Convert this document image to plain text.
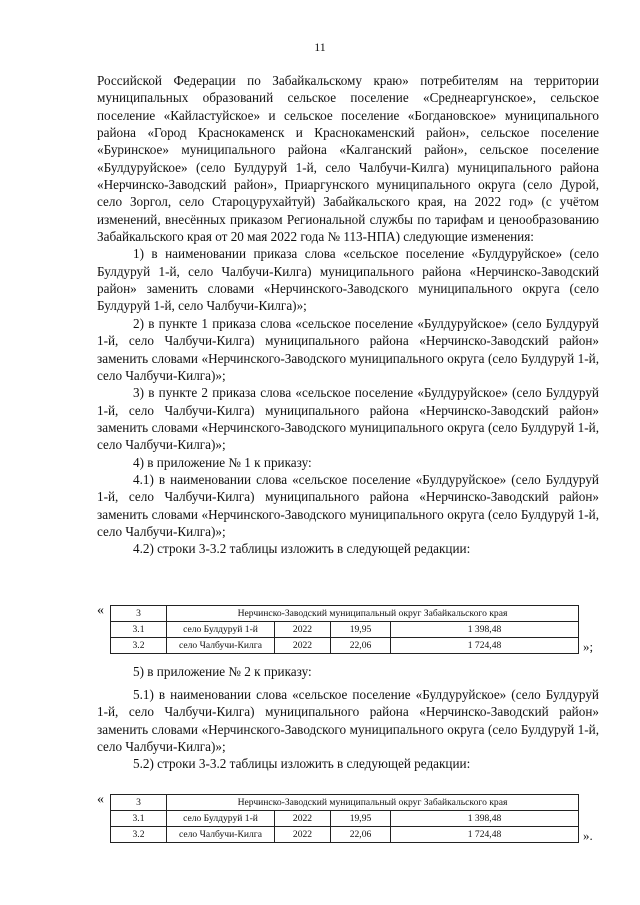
11

Российской Федерации по Забайкальскому краю» потребителям на территории муниципальных образований сельское поселение «Среднеаргунское», сельское поселение «Кайластуйское» и сельское поселение «Богдановское» муниципального района «Город Краснокаменск и Краснокаменский район», сельское поселение «Буринское» муниципального района «Калганский район», сельское поселение «Булдуруйское» (село Булдуруй 1-й, село Чалбучи-Килга) муниципального района «Нерчинско-Заводский район», Приаргунского муниципального округа (село Дурой, село Зоргол, село Староцурухайтуй) Забайкальского края, на 2022 год» (с учётом изменений, внесённых приказом Региональной службы по тарифам и ценообразованию Забайкальского края от 20 мая 2022 года № 113-НПА) следующие изменения:

1) в наименовании приказа слова «сельское поселение «Булдуруйское» (село Булдуруй 1-й, село Чалбучи-Килга) муниципального района «Нерчинско-Заводский район» заменить словами «Нерчинского-Заводского муниципального округа (село Булдуруй 1-й, село Чалбучи-Килга)»;

2) в пункте 1 приказа слова «сельское поселение «Булдуруйское» (село Булдуруй 1-й, село Чалбучи-Килга) муниципального района «Нерчинско-Заводский район» заменить словами «Нерчинского-Заводского муниципального округа (село Булдуруй 1-й, село Чалбучи-Килга)»;

3) в пункте 2 приказа слова «сельское поселение «Булдуруйское» (село Булдуруй 1-й, село Чалбучи-Килга) муниципального района «Нерчинско-Заводский район» заменить словами «Нерчинского-Заводского муниципального округа (село Булдуруй 1-й, село Чалбучи-Килга)»;

4) в приложение № 1 к приказу:

4.1) в наименовании слова «сельское поселение «Булдуруйское» (село Булдуруй 1-й, село Чалбучи-Килга) муниципального района «Нерчинско-Заводский район» заменить словами «Нерчинского-Заводского муниципального округа (село Булдуруй 1-й, село Чалбучи-Килга)»;

4.2) строки 3-3.2 таблицы изложить в следующей редакции:

«	3	Нерчинско-Заводский муниципальный округ Забайкальского края			
3.1	село Булдуруй 1-й	2022	19,95	1 398,48
3.2	село Чалбучи-Килга	2022	22,06	1 724,48	»;

5) в приложение № 2 к приказу:

5.1) в наименовании слова «сельское поселение «Булдуруйское» (село Булдуруй 1-й, село Чалбучи-Килга) муниципального района «Нерчинско-Заводский район» заменить словами «Нерчинского-Заводского муниципального округа (село Булдуруй 1-й, село Чалбучи-Килга)»;

5.2) строки 3-3.2 таблицы изложить в следующей редакции:

«	3	Нерчинско-Заводский муниципальный округ Забайкальского края			
3.1	село Булдуруй 1-й	2022	19,95	1 398,48
3.2	село Чалбучи-Килга	2022	22,06	1 724,48	».
